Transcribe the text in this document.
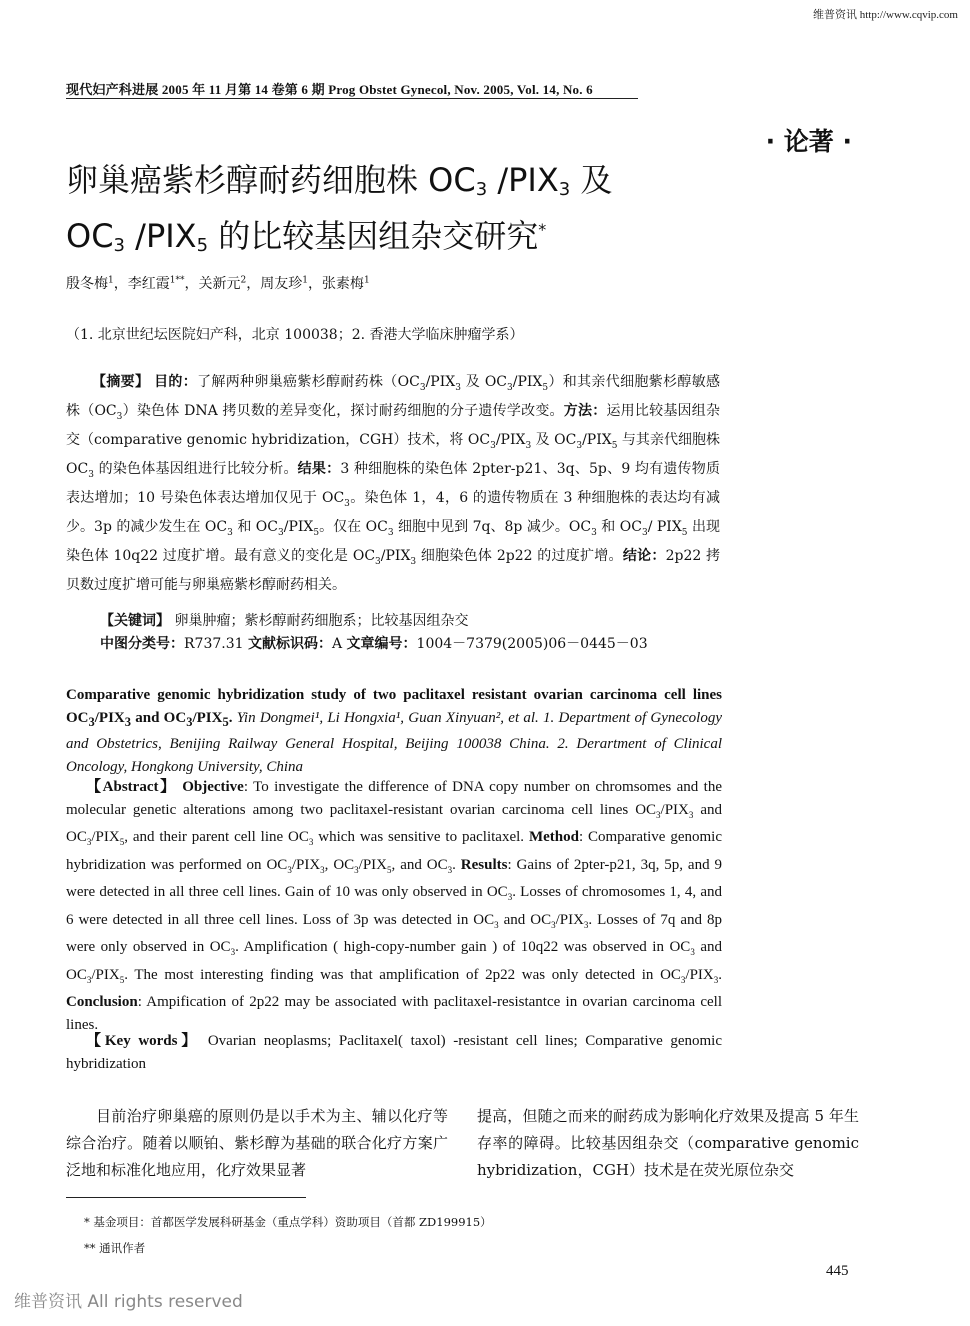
维普资讯 http://www.cqvip.com
现代妇产科进展 2005 年 11 月第 14 卷第 6 期 Prog Obstet Gynecol, Nov. 2005, Vol. 14, No. 6
· 论著 ·
卵巢癌紫杉醇耐药细胞株 $OC_3$ $/PIX_3$ 及
$OC_3$ $/PIX_5$ 的比较基因组杂交研究*
殷冬梅$^1$，李红霞$^{1**}$，关新元$^2$，周友珍$^1$，张素梅$^1$
（1. 北京世纪坛医院妇产科，北京 100038；2. 香港大学临床肿瘤学系）
【摘要】 目的：了解两种卵巢癌紫杉醇耐药株（$OC_3/PIX_3$ 及 $OC_3/PIX_5$）和其亲代细胞紫杉醇敏感株$(OC_3)$染色体 DNA 拷贝数的差异变化，探讨耐药细胞的分子遗传学改变。方法：运用比较基因组杂交（comparative genomic hybridization，CGH）技术，将 $OC_3/PIX_3$ 及 $OC_3/PIX_5$ 与其亲代细胞株 $OC_3$ 的染色体基因组进行比较分析。结果：3 种细胞株的染色体 2pter-p21、3q、5p、9 均有遗传物质表达增加；10 号染色体表达增加仅见于 $OC_3$。染色体 1，4，6 的遗传物质在 3 种细胞株的表达均有减少。3p 的减少发生在 $OC_3$ 和 $OC_3/PIX_5$。仅在 $OC_3$ 细胞中见到 7q、8p 减少。$OC_3$ 和 $OC_3/$ $PIX_5$ 出现染色体 10q22 过度扩增。最有意义的变化是 $OC_3/PIX_3$ 细胞染色体 2p22 的过度扩增。结论：2p22 拷贝数过度扩增可能与卵巢癌紫杉醇耐药相关。
【关键词】 卵巢肿瘤；紫杉醇耐药细胞系；比较基因组杂交
中图分类号：R737.31 文献标识码：A 文章编号：1004－7379(2005)06－0445－03
Comparative genomic hybridization study of two paclitaxel resistant ovarian carcinoma cell lines $OC_3/PIX_3$ and $OC_3/PIX_5$. Yin Dongmei¹, Li Hongxia¹, Guan Xinyuan², et al. 1. Department of Gynecology and Obstetrics, Benijing Railway General Hospital, Beijing 100038 China. 2. Derartment of Clinical Oncology, Hongkong University, China
【Abstract】 Objective: To investigate the difference of DNA copy number on chromsomes and the molecular genetic alterations among two paclitaxel-resistant ovarian carcinoma cell lines $OC_3/PIX_3$ and $OC_3/PIX_5$, and their parent cell line $OC_3$ which was sensitive to paclitaxel. Method: Comparative genomic hybridization was performed on $OC_3/PIX_3$, $OC_3/PIX_5$, and $OC_3$. Results: Gains of 2pter-p21, 3q, 5p, and 9 were detected in all three cell lines. Gain of 10 was only observed in $OC_3$. Losses of chromosomes 1, 4, and 6 were detected in all three cell lines. Loss of 3p was detected in $OC_3$ and $OC_3/PIX_3$. Losses of 7q and 8p were only observed in $OC_3$. Amplification ( high-copy-number gain ) of 10q22 was observed in $OC_3$ and $OC_3/PIX_5$. The most interesting finding was that amplification of 2p22 was only detected in $OC_3/PIX_3$. Conclusion: Ampification of 2p22 may be associated with paclitaxel-resistantce in ovarian carcinoma cell lines.
【Key words】 Ovarian neoplasms; Paclitaxel( taxol) -resistant cell lines; Comparative genomic hybridization
目前治疗卵巢癌的原则仍是以手术为主、辅以化疗等综合治疗。随着以顺铂、紫杉醇为基础的联合化疗方案广泛地和标准化地应用，化疗效果显著
提高，但随之而来的耐药成为影响化疗效果及提高 5 年生存率的障碍。比较基因组杂交（comparative genomic hybridization，CGH）技术是在荧光原位杂交
* 基金项目：首都医学发展科研基金（重点学科）资助项目（首都 ZD199915）
** 通讯作者
445
维普资讯 All rights reserved
